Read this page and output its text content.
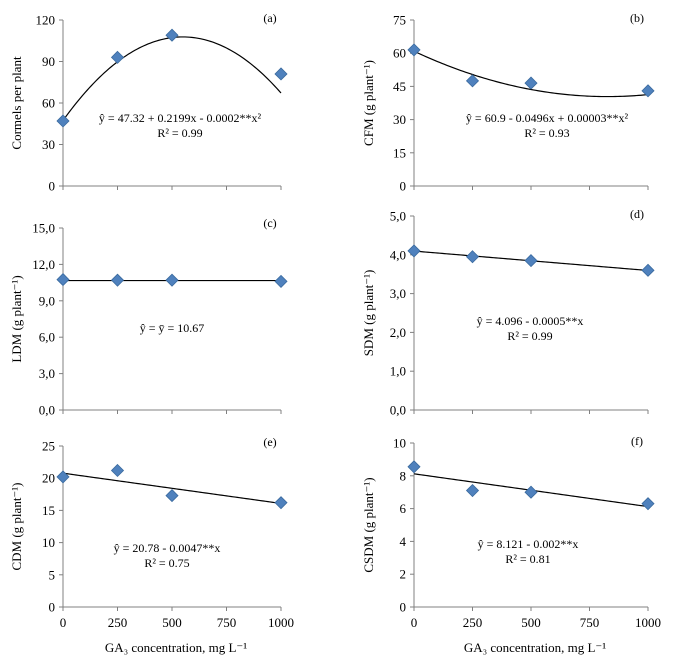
0
30
60
90
120
ŷ = 47.32 + 0.2199x - 0.0002**x²
R² = 0.99
(a)
Cormels per plant
0
15
30
45
60
75
ŷ = 60.9 - 0.0496x + 0.00003**x²
R² = 0.93
(b)
CFM (g plant⁻¹)
0,0
3,0
6,0
9,0
12,0
15,0
ŷ = ȳ = 10.67
(c)
LDM (g plant⁻¹)
0,0
1,0
2,0
3,0
4,0
5,0
ŷ = 4.096 - 0.0005**x
R² = 0.99
(d)
SDM (g plant⁻¹)
0
5
10
15
20
25
0	250	500	750 1000
ŷ = 20.78 - 0.0047**x
R² = 0.75
(e)
CDM (g plant⁻¹)
GA₃ concentration, mg L⁻¹
0
2
4
6
8
10
0	250	500	750	1000
ŷ = 8.121 - 0.002**x
R² = 0.81
(f)
CSDM (g plant⁻¹)
GA₃ concentration, mg L⁻¹
